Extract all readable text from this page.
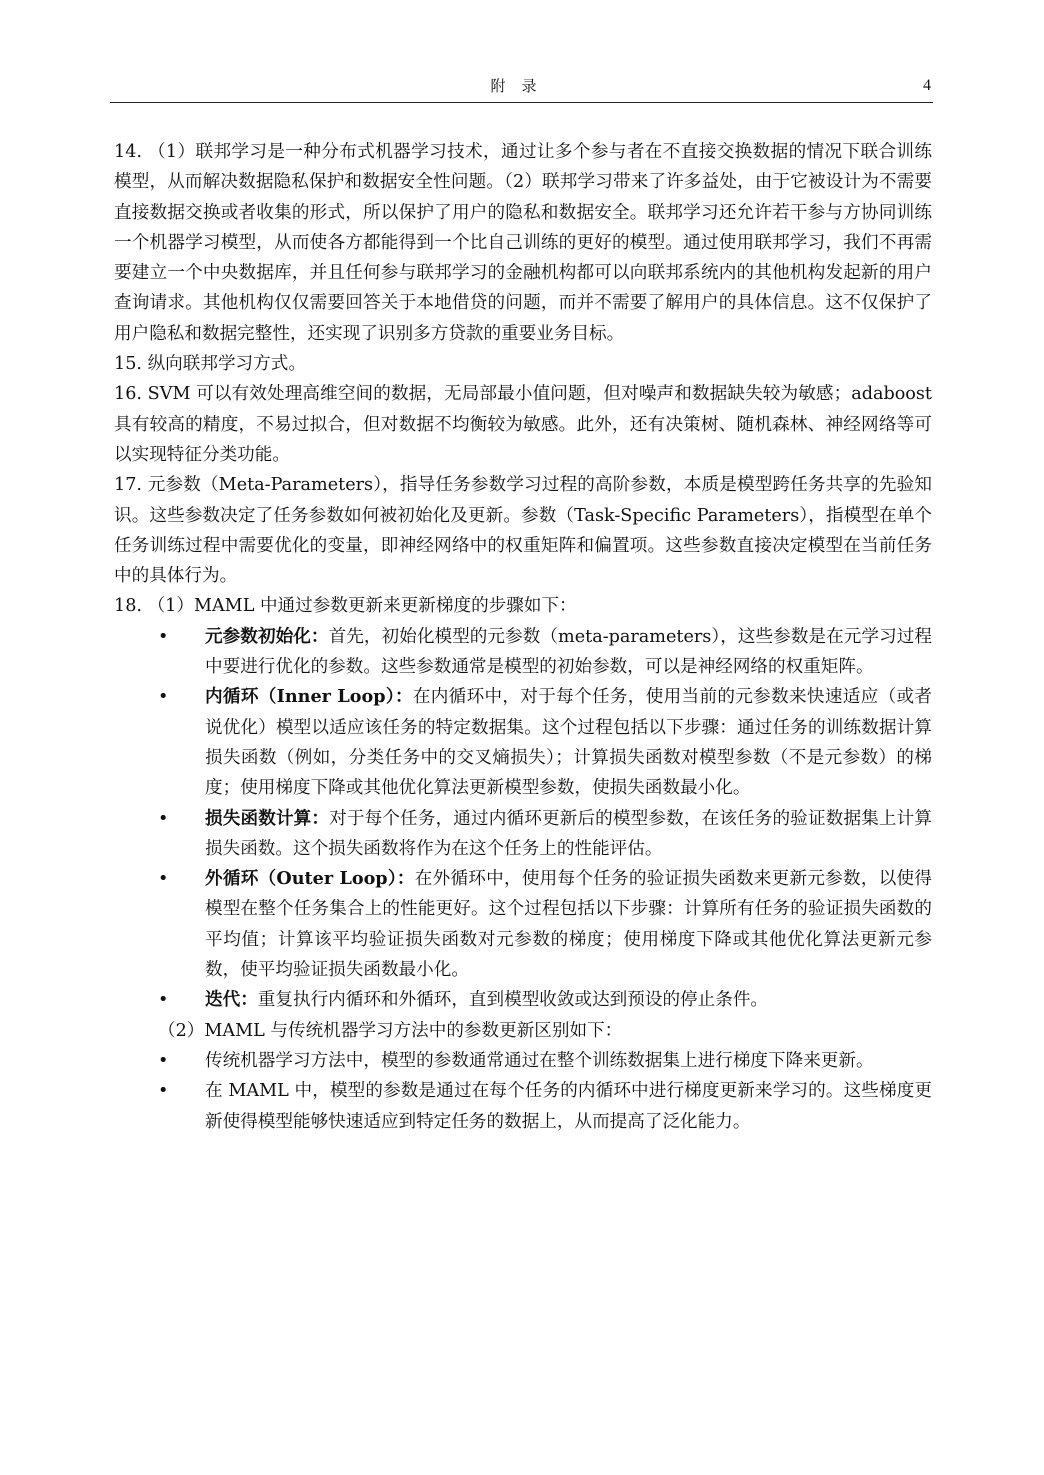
附录	4

14. （1）联邦学习是一种分布式机器学习技术，通过让多个参与者在不直接交换数据的情况下联合训练模型，从而解决数据隐私保护和数据安全性问题。（2）联邦学习带来了许多益处，由于它被设计为不需要直接数据交换或者收集的形式，所以保护了用户的隐私和数据安全。联邦学习还允许若干参与方协同训练一个机器学习模型，从而使各方都能得到一个比自己训练的更好的模型。通过使用联邦学习，我们不再需要建立一个中央数据库，并且任何参与联邦学习的金融机构都可以向联邦系统内的其他机构发起新的用户查询请求。其他机构仅仅需要回答关于本地借贷的问题，而并不需要了解用户的具体信息。这不仅保护了用户隐私和数据完整性，还实现了识别多方贷款的重要业务目标。

15. 纵向联邦学习方式。

16. SVM 可以有效处理高维空间的数据，无局部最小值问题，但对噪声和数据缺失较为敏感；adaboost 具有较高的精度，不易过拟合，但对数据不均衡较为敏感。此外，还有决策树、随机森林、神经网络等可以实现特征分类功能。

17. 元参数（Meta-Parameters），指导任务参数学习过程的高阶参数，本质是模型跨任务共享的先验知识。这些参数决定了任务参数如何被初始化及更新。参数（Task-Specific Parameters），指模型在单个任务训练过程中需要优化的变量，即神经网络中的权重矩阵和偏置项。这些参数直接决定模型在当前任务中的具体行为。

18. （1）MAML 中通过参数更新来更新梯度的步骤如下：

• 元参数初始化：首先，初始化模型的元参数（meta-parameters），这些参数是在元学习过程中要进行优化的参数。这些参数通常是模型的初始参数，可以是神经网络的权重矩阵。
• 内循环（Inner Loop）：在内循环中，对于每个任务，使用当前的元参数来快速适应（或者说优化）模型以适应该任务的特定数据集。这个过程包括以下步骤：通过任务的训练数据计算损失函数（例如，分类任务中的交叉熵损失）；计算损失函数对模型参数（不是元参数）的梯度；使用梯度下降或其他优化算法更新模型参数，使损失函数最小化。
• 损失函数计算：对于每个任务，通过内循环更新后的模型参数，在该任务的验证数据集上计算损失函数。这个损失函数将作为在这个任务上的性能评估。
• 外循环（Outer Loop）：在外循环中，使用每个任务的验证损失函数来更新元参数，以使得模型在整个任务集合上的性能更好。这个过程包括以下步骤：计算所有任务的验证损失函数的平均值；计算该平均验证损失函数对元参数的梯度；使用梯度下降或其他优化算法更新元参数，使平均验证损失函数最小化。
• 迭代：重复执行内循环和外循环，直到模型收敛或达到预设的停止条件。

（2）MAML 与传统机器学习方法中的参数更新区别如下：

• 传统机器学习方法中，模型的参数通常通过在整个训练数据集上进行梯度下降来更新。
• 在 MAML 中，模型的参数是通过在每个任务的内循环中进行梯度更新来学习的。这些梯度更新使得模型能够快速适应到特定任务的数据上，从而提高了泛化能力。
